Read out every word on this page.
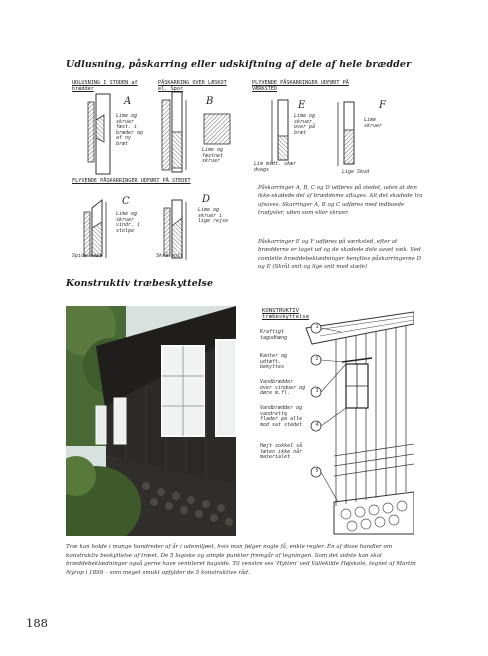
Udlusning, påskarring eller udskiftning af dele af hele brædder
UDLUSNING I STODEN af brædder
PÅSKARRING OVER LÆSKOT el. Spor
PLYVENDE PÅSKARRINGER UDFØRT PÅ VÆRKSTED
A	B	E	F
Lime og skruer fæst. i bræder op af ny bræt
Lime og fæstnet skruer
Lime og skruer over på bræt
Lime skruer
Lim midt. skær dvegs	Lige Skud
FLYVENDE PÅSKARRINGER UDFØRT PÅ STEDET
C	D
Lime og skruer vindr. i stolpe
Lime og skruer i lige rejse
Spids snit	Skrå snit
Påskarringer A, B, C og D udføres på stedet, uden at den ikke-skadede del af bræddeme aftages. Alt det skadede tra afsaves. Skarringer A, B og C udføres med indboede tradyvler, uden som eller skruer.
Påskarringer E og F udføres på værksted, efter at brædderne er taget ud og de skadede dele savet væk. Ved comlette bræddebeklædninger benyttes påskarringerne D og E (Skråt snit og lige snit med slæfe)
Konstruktiv træbeskyttelse
KONSTRUKTIV træbeskyttelse
Kraftigt tagudhæng
Kanter og udtæft. bekyttes
Vandbrædder over vinduer og døre m.fl.
Vandbrædder og vandrette flader på alle mod sat stedet
Højt sokkel så tæten ikke når materialet
1
2
3
4
5
Træ kan holde i mange hundreder af år i udemiljøet, hvis man følger nogle få, enkle regler. Én af disse handler om konstruktiv beskyttelse af træet. De 5 logiske og simple punkter fremgår af tegningen. Som det sidste kan skal bræddebeklædninger også gerne have ventileret bagside. Til venstre ses 'Hytten' ved Vallekilde Højskole, tegnet af Martin Nyrop i 1899 – som meget smukt opfylder de 5 konstruktive råd.
188
